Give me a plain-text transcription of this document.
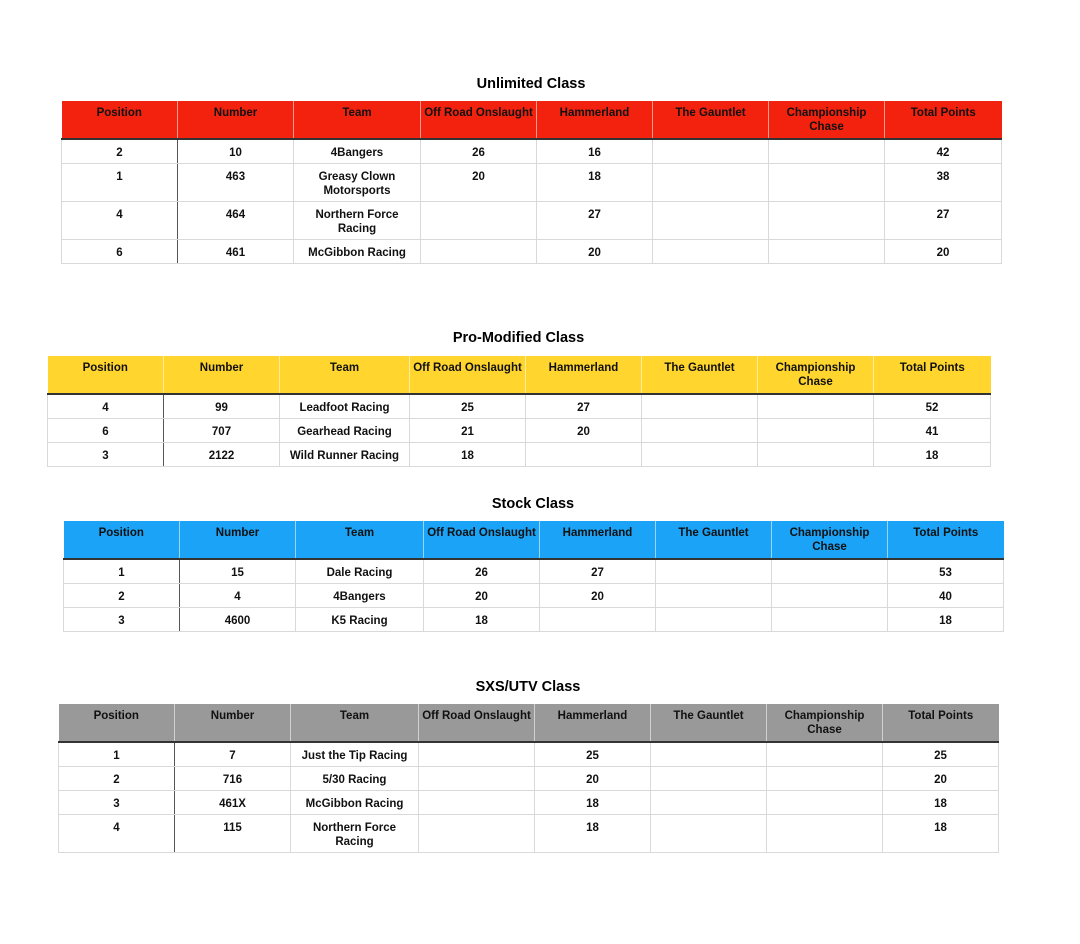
Unlimited Class
Position	Number	Team	Off Road Onslaught	Hammerland	The Gauntlet	Championship Chase	Total Points
2	10	4Bangers	26	16			42
1	463	Greasy Clown Motorsports	20	18			38
4	464	Northern Force Racing		27			27
6	461	McGibbon Racing		20			20
Pro-Modified Class
Position	Number	Team	Off Road Onslaught	Hammerland	The Gauntlet	Championship Chase	Total Points
4	99	Leadfoot Racing	25	27			52
6	707	Gearhead Racing	21	20			41
3	2122	Wild Runner Racing	18				18
Stock Class
Position	Number	Team	Off Road Onslaught	Hammerland	The Gauntlet	Championship Chase	Total Points
1	15	Dale Racing	26	27			53
2	4	4Bangers	20	20			40
3	4600	K5 Racing	18				18
SXS/UTV Class
Position	Number	Team	Off Road Onslaught	Hammerland	The Gauntlet	Championship Chase	Total Points
1	7	Just the Tip Racing		25			25
2	716	5/30 Racing		20			20
3	461X	McGibbon Racing		18			18
4	115	Northern Force Racing		18			18
